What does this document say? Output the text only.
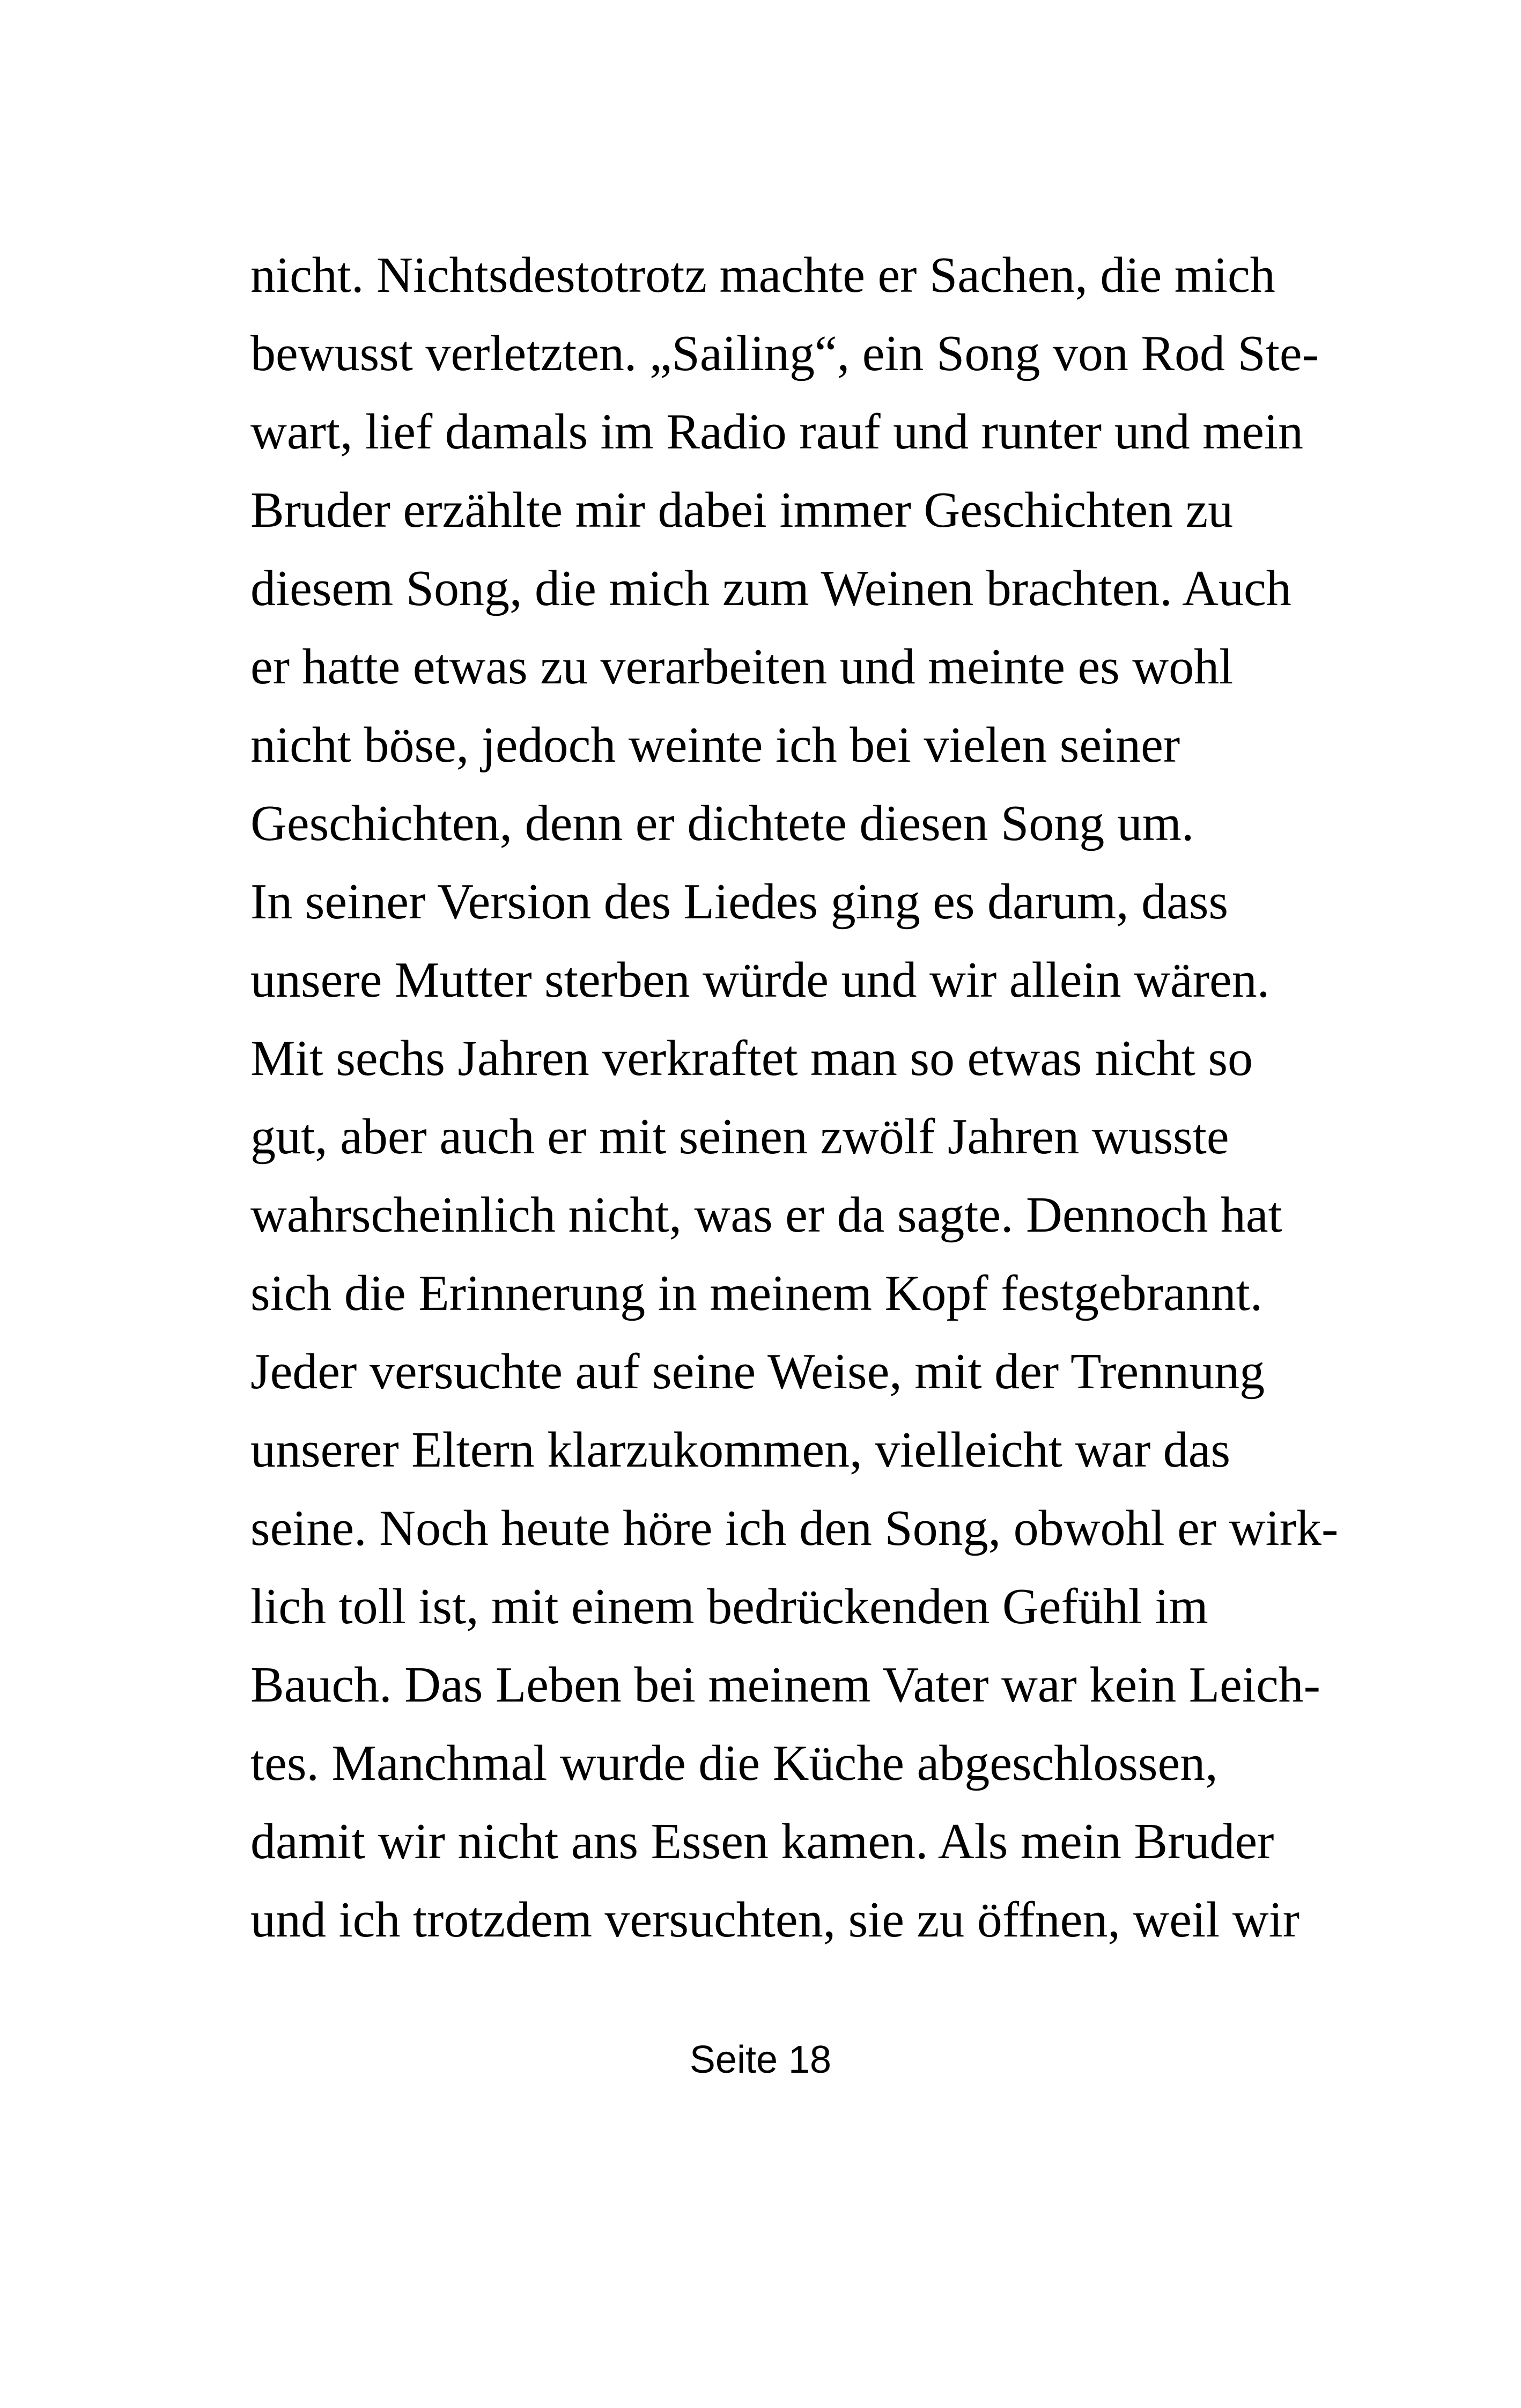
nicht. Nichtsdestotrotz machte er Sachen, die mich
bewusst verletzten. „Sailing“, ein Song von Rod Ste-
wart, lief damals im Radio rauf und runter und mein
Bruder erzählte mir dabei immer Geschichten zu
diesem Song, die mich zum Weinen brachten. Auch
er hatte etwas zu verarbeiten und meinte es wohl
nicht böse, jedoch weinte ich bei vielen seiner
Geschichten, denn er dichtete diesen Song um.
In seiner Version des Liedes ging es darum, dass
unsere Mutter sterben würde und wir allein wären.
Mit sechs Jahren verkraftet man so etwas nicht so
gut, aber auch er mit seinen zwölf Jahren wusste
wahrscheinlich nicht, was er da sagte. Dennoch hat
sich die Erinnerung in meinem Kopf festgebrannt.
Jeder versuchte auf seine Weise, mit der Trennung
unserer Eltern klarzukommen, vielleicht war das
seine. Noch heute höre ich den Song, obwohl er wirk-
lich toll ist, mit einem bedrückenden Gefühl im
Bauch. Das Leben bei meinem Vater war kein Leich-
tes. Manchmal wurde die Küche abgeschlossen,
damit wir nicht ans Essen kamen. Als mein Bruder
und ich trotzdem versuchten, sie zu öffnen, weil wir
Seite 18
